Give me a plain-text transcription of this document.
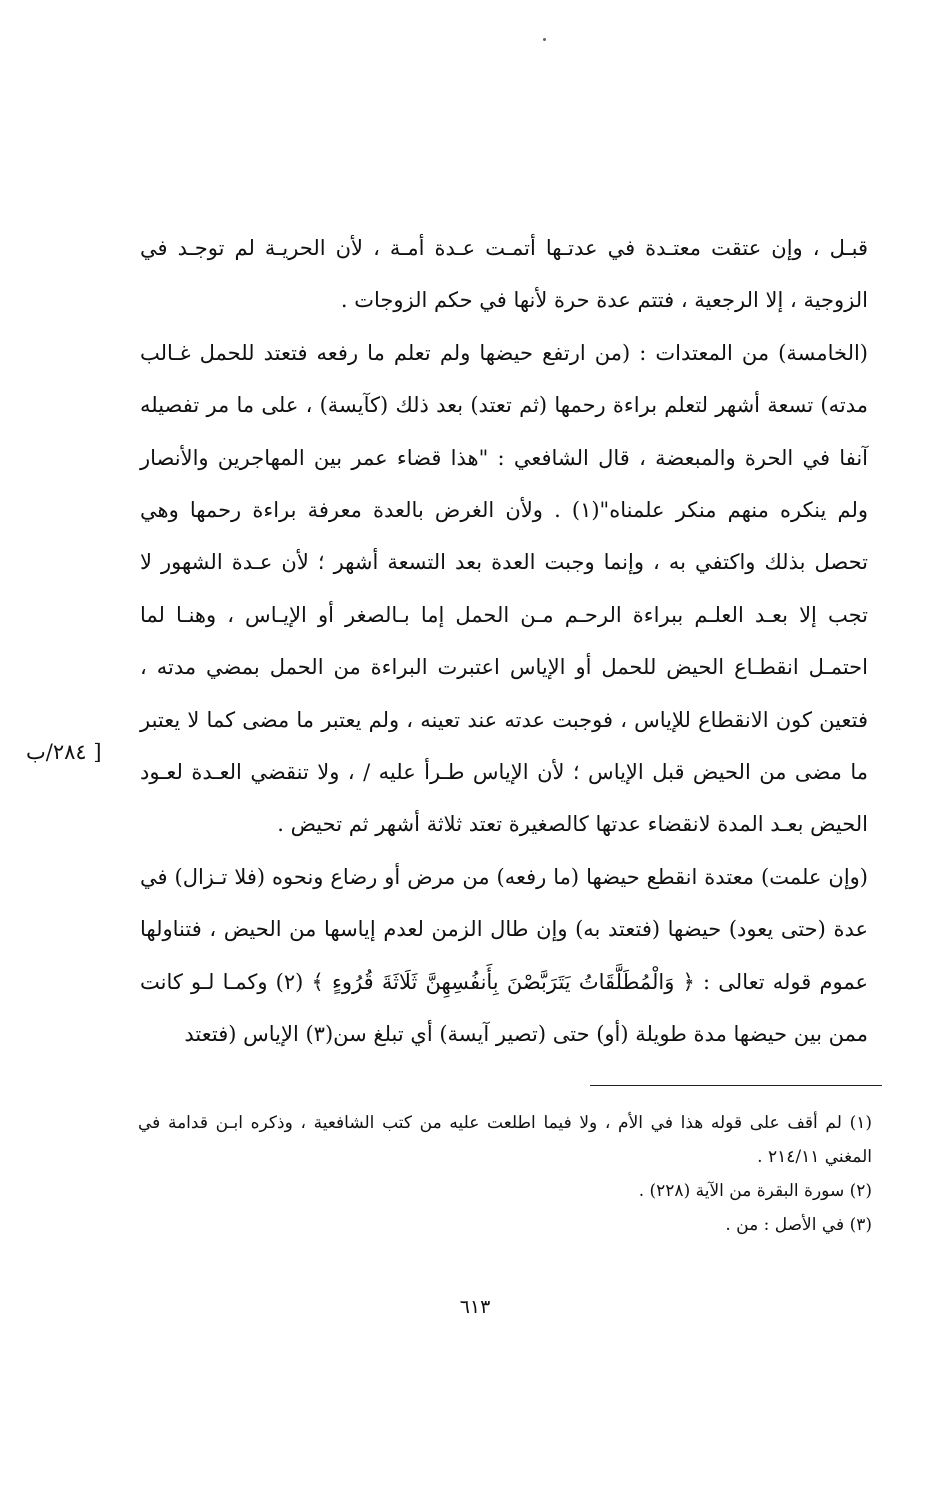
قبـل ، وإن عتقت معتـدة في عدتـها أتمـت عـدة أمـة ، لأن الحريـة لم توجـد في الزوجية ، إلا الرجعية ، فتتم عدة حرة لأنها في حكم الزوجات .

(الخامسة) من المعتدات : (من ارتفع حيضها ولم تعلم ما رفعه فتعتد للحمل غـالب مدته) تسعة أشهر لتعلم براءة رحمها (ثم تعتد) بعد ذلك (كآيسة) ، على ما مر تفصيله آنفا في الحرة والمبعضة ، قال الشافعي : "هذا قضاء عمر بين المهاجرين والأنصار ولم ينكره منهم منكر علمناه"(١) . ولأن الغرض بالعدة معرفة براءة رحمها وهي تحصل بذلك واكتفي به ، وإنما وجبت العدة بعد التسعة أشهر ؛ لأن عـدة الشهور لا تجب إلا بعـد العلـم ببراءة الرحـم مـن الحمل إما بـالصغر أو الإيـاس ، وهنـا لما احتمـل انقطـاع الحيض للحمل أو الإياس اعتبرت البراءة من الحمل بمضي مدته ، فتعين كون الانقطاع للإياس ، فوجبت عدته عند تعينه ، ولم يعتبر ما مضى كما لا يعتبر ما مضى من الحيض قبل الإياس ؛ لأن الإياس طـرأ عليه / ، ولا تنقضي العـدة لعـود الحيض بعـد المدة لانقضاء عدتها كالصغيرة تعتد ثلاثة أشهر ثم تحيض .

(وإن علمت) معتدة انقطع حيضها (ما رفعه) من مرض أو رضاع ونحوه (فلا تـزال) في عدة (حتى يعود) حيضها (فتعتد به) وإن طال الزمن لعدم إياسها من الحيض ، فتناولها عموم قوله تعالى : ﴿ وَالْمُطَلَّقَاتُ يَتَرَبَّصْنَ بِأَنفُسِهِنَّ ثَلَاثَةَ قُرُوءٍ ﴾ (٢) وكمـا لـو كانت ممن بين حيضها مدة طويلة (أو) حتى (تصير آيسة) أي تبلغ سن(٣) الإياس (فتعتد

[ ٢٨٤/ب

(١) لم أقف على قوله هذا في الأم ، ولا فيما اطلعت عليه من كتب الشافعية ، وذكره ابـن قدامة في المغني ٢١٤/١١ .

(٢) سورة البقرة من الآية (٢٢٨) .

(٣) في الأصل : من .

٦١٣
